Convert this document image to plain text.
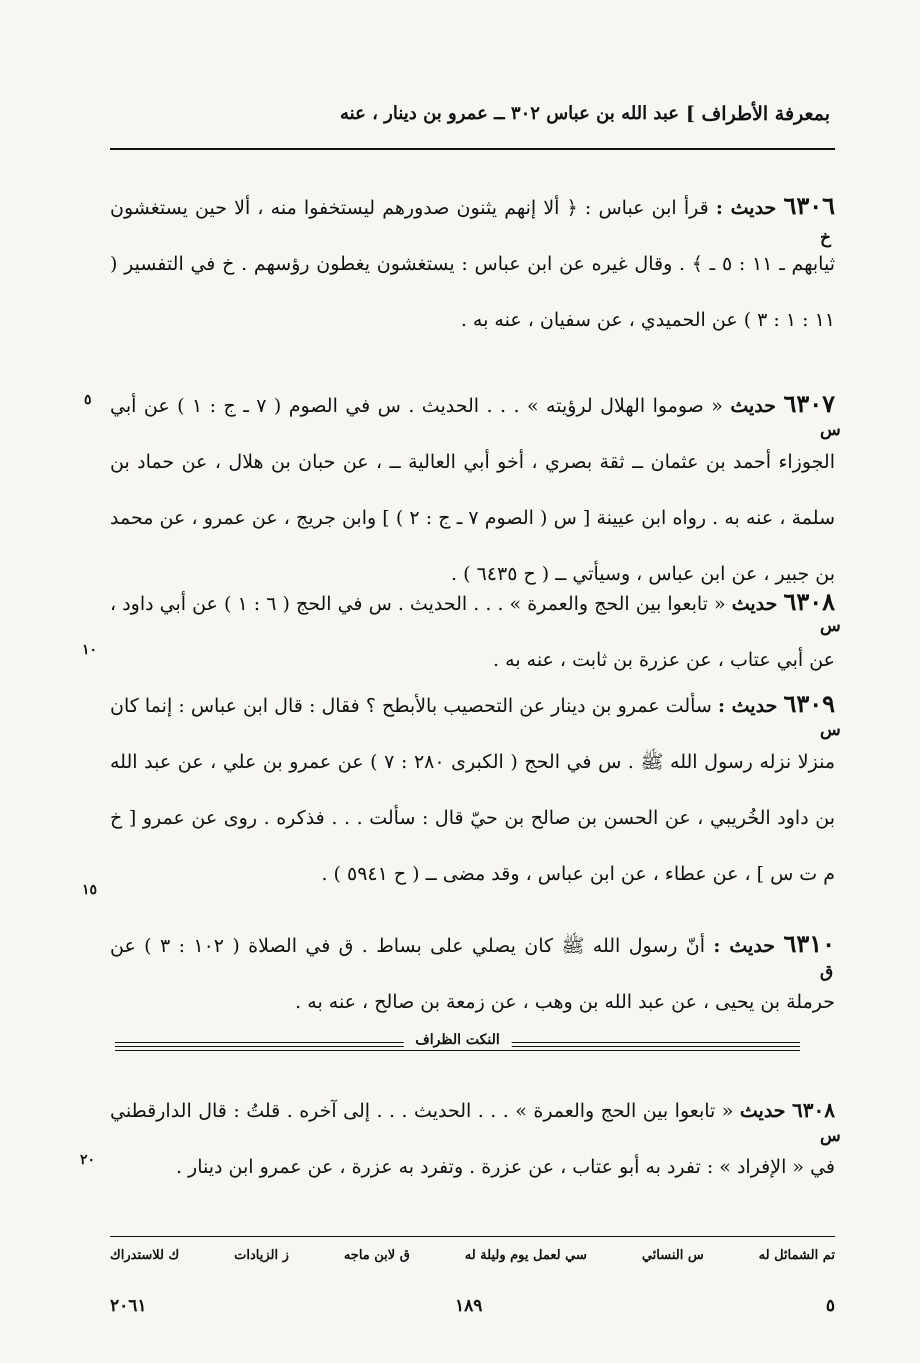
بمعرفة الأطراف ]
عبد الله بن عباس ٣٠٢ ــ عمرو بن دينار ، عنه
٦٣٠٦ حديث : قرأ ابن عباس : ﴿ ألا إنهم يثنون صدورهم ليستخفوا منه ، ألا حين يستغشون ثيابهم ـ ١١ : ٥ ـ ﴾ . وقال غيره عن ابن عباس : يستغشون يغطون رؤسهم . خ في التفسير ( ١١ : ١ : ٣ ) عن الحميدي ، عن سفيان ، عنه به .
خ
٦٣٠٧ حديث « صوموا الهلال لرؤيته » . . . الحديث . س في الصوم ( ٧ ـ ج : ١ ) عن أبي الجوزاء أحمد بن عثمان ــ ثقة بصري ، أخو أبي العالية ــ ، عن حبان بن هلال ، عن حماد بن سلمة ، عنه به . رواه ابن عيينة [ س ( الصوم ٧ ـ ج : ٢ ) ] وابن جريج ، عن عمرو ، عن محمد بن جبير ، عن ابن عباس ، وسيأتي ــ ( ح ٦٤٣٥ ) .
س
٦٣٠٨ حديث « تابعوا بين الحج والعمرة » . . . الحديث . س في الحج ( ٦ : ١ ) عن أبي داود ، عن أبي عتاب ، عن عزرة بن ثابت ، عنه به .
س
٦٣٠٩ حديث : سألت عمرو بن دينار عن التحصيب بالأبطح ؟ فقال : قال ابن عباس : إنما كان منزلا نزله رسول الله ﷺ . س في الحج ( الكبرى ٢٨٠ : ٧ ) عن عمرو بن علي ، عن عبد الله بن داود الخُريبي ، عن الحسن بن صالح بن حيّ قال : سألت . . . فذكره . روى عن عمرو [ خ م ت س ] ، عن عطاء ، عن ابن عباس ، وقد مضى ــ ( ح ٥٩٤١ ) .
س
٦٣١٠ حديث : أنّ رسول الله ﷺ كان يصلي على بساط . ق في الصلاة ( ١٠٢ : ٣ ) عن حرملة بن يحيى ، عن عبد الله بن وهب ، عن زمعة بن صالح ، عنه به .
ق
النكت الظراف
٦٣٠٨ حديث « تابعوا بين الحج والعمرة » . . . الحديث . . . إلى آخره . قلتُ : قال الدارقطني في « الإفراد » : تفرد به أبو عتاب ، عن عزرة . وتفرد به عزرة ، عن عمرو ابن دينار .
س
٥
١٠
١٥
٢٠
تم الشمائل له
س النسائي
سي لعمل يوم وليلة له
ق لابن ماجه
ز الزيادات
ك للاستدراك
٥
١٨٩
٢٠٦١
